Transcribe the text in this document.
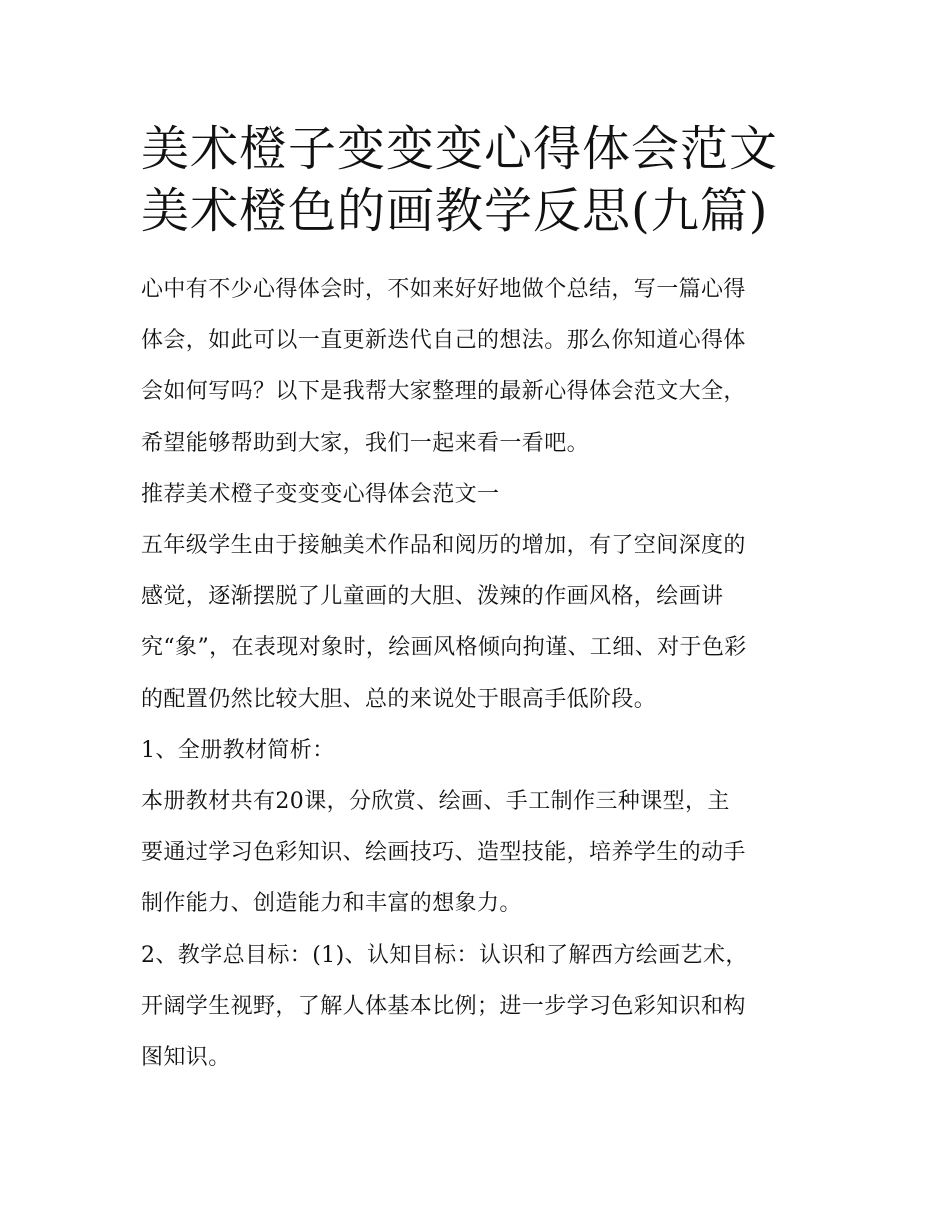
美术橙子变变变心得体会范文
美术橙色的画教学反思(九篇)

心中有不少心得体会时，不如来好好地做个总结，写一篇心得
体会，如此可以一直更新迭代自己的想法。那么你知道心得体
会如何写吗？以下是我帮大家整理的最新心得体会范文大全，
希望能够帮助到大家，我们一起来看一看吧。

推荐美术橙子变变变心得体会范文一

五年级学生由于接触美术作品和阅历的增加，有了空间深度的
感觉，逐渐摆脱了儿童画的大胆、泼辣的作画风格，绘画讲
究“象”，在表现对象时，绘画风格倾向拘谨、工细、对于色彩
的配置仍然比较大胆、总的来说处于眼高手低阶段。

1、全册教材简析：

本册教材共有20课，分欣赏、绘画、手工制作三种课型，主
要通过学习色彩知识、绘画技巧、造型技能，培养学生的动手
制作能力、创造能力和丰富的想象力。

2、教学总目标：(1)、认知目标：认识和了解西方绘画艺术，
开阔学生视野，了解人体基本比例；进一步学习色彩知识和构
图知识。
